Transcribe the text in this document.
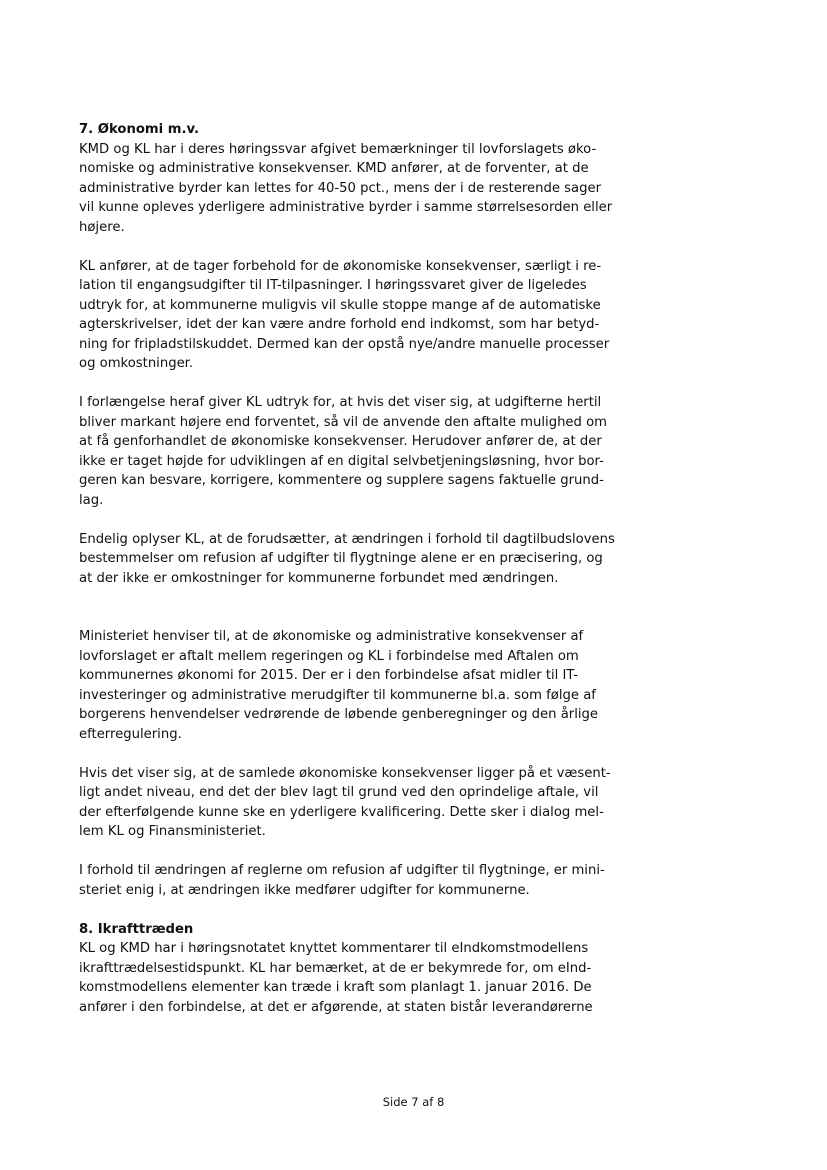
7. Økonomi m.v.

KMD og KL har i deres høringssvar afgivet bemærkninger til lovforslagets øko-
nomiske og administrative konsekvenser. KMD anfører, at de forventer, at de
administrative byrder kan lettes for 40-50 pct., mens der i de resterende sager
vil kunne opleves yderligere administrative byrder i samme størrelsesorden eller
højere.

KL anfører, at de tager forbehold for de økonomiske konsekvenser, særligt i re-
lation til engangsudgifter til IT-tilpasninger. I høringssvaret giver de ligeledes
udtryk for, at kommunerne muligvis vil skulle stoppe mange af de automatiske
agterskrivelser, idet der kan være andre forhold end indkomst, som har betyd-
ning for fripladstilskuddet. Dermed kan der opstå nye/andre manuelle processer
og omkostninger.

I forlængelse heraf giver KL udtryk for, at hvis det viser sig, at udgifterne hertil
bliver markant højere end forventet, så vil de anvende den aftalte mulighed om
at få genforhandlet de økonomiske konsekvenser. Herudover anfører de, at der
ikke er taget højde for udviklingen af en digital selvbetjeningsløsning, hvor bor-
geren kan besvare, korrigere, kommentere og supplere sagens faktuelle grund-
lag.

Endelig oplyser KL, at de forudsætter, at ændringen i forhold til dagtilbudslovens
bestemmelser om refusion af udgifter til flygtninge alene er en præcisering, og
at der ikke er omkostninger for kommunerne forbundet med ændringen.

Ministeriet henviser til, at de økonomiske og administrative konsekvenser af
lovforslaget er aftalt mellem regeringen og KL i forbindelse med Aftalen om
kommunernes økonomi for 2015. Der er i den forbindelse afsat midler til IT-
investeringer og administrative merudgifter til kommunerne bl.a. som følge af
borgerens henvendelser vedrørende de løbende genberegninger og den årlige
efterregulering.

Hvis det viser sig, at de samlede økonomiske konsekvenser ligger på et væsent-
ligt andet niveau, end det der blev lagt til grund ved den oprindelige aftale, vil
der efterfølgende kunne ske en yderligere kvalificering. Dette sker i dialog mel-
lem KL og Finansministeriet.

I forhold til ændringen af reglerne om refusion af udgifter til flygtninge, er mini-
steriet enig i, at ændringen ikke medfører udgifter for kommunerne.

8. Ikrafttræden

KL og KMD har i høringsnotatet knyttet kommentarer til eIndkomstmodellens
ikrafttrædelsestidspunkt. KL har bemærket, at de er bekymrede for, om eInd-
komstmodellens elementer kan træde i kraft som planlagt 1. januar 2016. De
anfører i den forbindelse, at det er afgørende, at staten bistår leverandørerne

Side 7 af 8
